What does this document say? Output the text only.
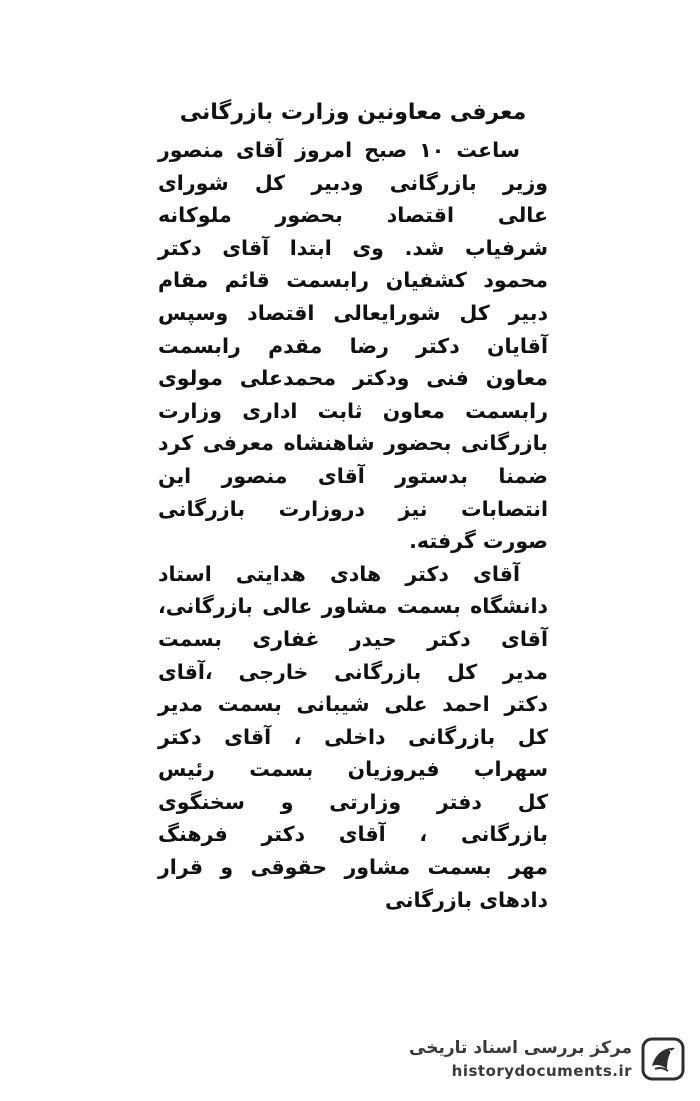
معرفی معاونین وزارت بازرگانی
ساعت ۱۰ صبح امروز آقای منصور
وزیر بازرگانی ودبیر کل شورای
عالی اقتصاد بحضور ملوکانه
شرفیاب شد. وی ابتدا آقای دکتر
محمود کشفیان رابسمت قائم مقام
دبیر کل شورایعالی اقتصاد وسپس
آقایان دکتر رضا مقدم رابسمت
معاون فنی ودکتر محمدعلی مولوی
رابسمت معاون ثابت اداری وزارت
بازرگانی بحضور شاهنشاه معرفی کرد
ضمنا بدستور آقای منصور این
انتصابات نیز دروزارت بازرگانی
صورت گرفته.
آقای دکتر هادی هدایتی استاد
دانشگاه بسمت مشاور عالی بازرگانی،
آقای دکتر حیدر غفاری بسمت
مدیر کل بازرگانی خارجی ،آقای
دکتر احمد علی شیبانی بسمت مدیر
کل بازرگانی داخلی ، آقای دکتر
سهراب فیروزیان بسمت رئیس
کل دفتر وزارتی و سخنگوی
بازرگانی ، آقای دکتر فرهنگ
مهر بسمت مشاور حقوقی و قرار
دادهای بازرگانی
مرکز بررسی اسناد تاریخی
historydocuments.ir
